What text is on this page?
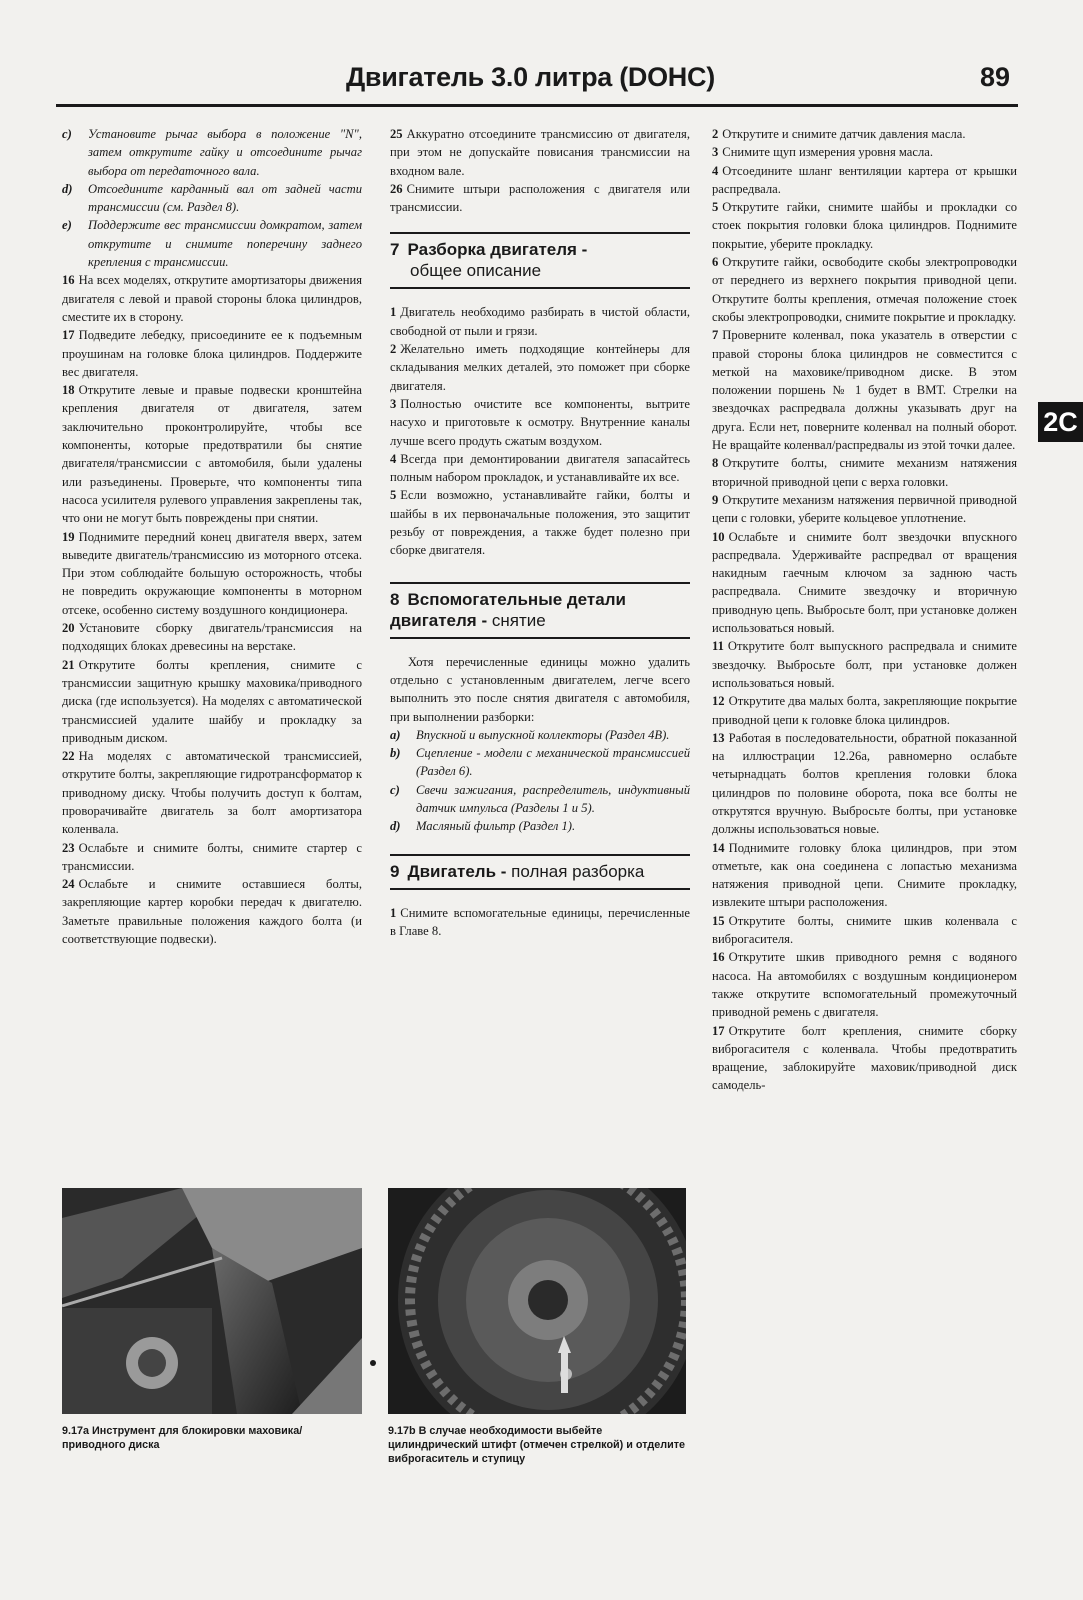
Двигатель 3.0 литра (DOHC)	89
2C
c)	Установите рычаг выбора в положение "N", затем открутите гайку и отсоедините рычаг выбора от передаточного вала.
d)	Отсоедините карданный вал от задней части трансмиссии (см. Раздел 8).
e)	Поддержите вес трансмиссии домкратом, затем открутите и снимите поперечину заднего крепления с трансмиссии.

16 На всех моделях, открутите амортизаторы движения двигателя с левой и правой стороны блока цилиндров, сместите их в сторону.

17 Подведите лебедку, присоедините ее к подъемным проушинам на головке блока цилиндров. Поддержите вес двигателя.

18 Открутите левые и правые подвески кронштейна крепления двигателя от двигателя, затем заключительно проконтролируйте, чтобы все компоненты, которые предотвратили бы снятие двигателя/трансмиссии с автомобиля, были удалены или разъединены. Проверьте, что компоненты типа насоса усилителя рулевого управления закреплены так, что они не могут быть повреждены при снятии.

19 Поднимите передний конец двигателя вверх, затем выведите двигатель/трансмиссию из моторного отсека. При этом соблюдайте большую осторожность, чтобы не повредить окружающие компоненты в моторном отсеке, особенно систему воздушного кондиционера.

20 Установите сборку двигатель/трансмиссия на подходящих блоках древесины на верстаке.

21 Открутите болты крепления, снимите с трансмиссии защитную крышку маховика/приводного диска (где используется). На моделях с автоматической трансмиссией удалите шайбу и прокладку за приводным диском.

22 На моделях с автоматической трансмиссией, открутите болты, закрепляющие гидротрансформатор к приводному диску. Чтобы получить доступ к болтам, проворачивайте двигатель за болт амортизатора коленвала.

23 Ослабьте и снимите болты, снимите стартер с трансмиссии.

24 Ослабьте и снимите оставшиеся болты, закрепляющие картер коробки передач к двигателю. Заметьте правильные положения каждого болта (и соответствующие подвески).

25 Аккуратно отсоедините трансмиссию от двигателя, при этом не допускайте повисания трансмиссии на входном вале.

26 Снимите штыри расположения с двигателя или трансмиссии.

7 Разборка двигателя -
общее описание

1 Двигатель необходимо разбирать в чистой области, свободной от пыли и грязи.

2 Желательно иметь подходящие контейнеры для складывания мелких деталей, это поможет при сборке двигателя.

3 Полностью очистите все компоненты, вытрите насухо и приготовьте к осмотру. Внутренние каналы лучше всего продуть сжатым воздухом.

4 Всегда при демонтировании двигателя запасайтесь полным набором прокладок, и устанавливайте их все.

5 Если возможно, устанавливайте гайки, болты и шайбы в их первоначальные положения, это защитит резьбу от повреждения, а также будет полезно при сборке двигателя.

8 Вспомогательные детали двигателя - снятие

Хотя перечисленные единицы можно удалить отдельно с установленным двигателем, легче всего выполнить это после снятия двигателя с автомобиля, при выполнении разборки:

a)	Впускной и выпускной коллекторы (Раздел 4В).
b)	Сцепление - модели с механической трансмиссией (Раздел 6).
c)	Свечи зажигания, распределитель, индуктивный датчик импульса (Разделы 1 и 5).
d)	Масляный фильтр (Раздел 1).
9 Двигатель - полная разборка

1 Снимите вспомогательные единицы, перечисленные в Главе 8.

2 Открутите и снимите датчик давления масла.

3 Снимите щуп измерения уровня масла.

4 Отсоедините шланг вентиляции картера от крышки распредвала.

5 Открутите гайки, снимите шайбы и прокладки со стоек покрытия головки блока цилиндров. Поднимите покрытие, уберите прокладку.

6 Открутите гайки, освободите скобы электропроводки от переднего из верхнего покрытия приводной цепи. Открутите болты крепления, отмечая положение стоек скобы электропроводки, снимите покрытие и прокладку.

7 Проверните коленвал, пока указатель в отверстии с правой стороны блока цилиндров не совместится с меткой на маховике/приводном диске. В этом положении поршень № 1 будет в ВМТ. Стрелки на звездочках распредвала должны указывать друг на друга. Если нет, поверните коленвал на полный оборот. Не вращайте коленвал/распредвалы из этой точки далее.

8 Открутите болты, снимите механизм натяжения вторичной приводной цепи с верха головки.

9 Открутите механизм натяжения первичной приводной цепи с головки, уберите кольцевое уплотнение.

10 Ослабьте и снимите болт звездочки впускного распредвала. Удерживайте распредвал от вращения накидным гаечным ключом за заднюю часть распредвала. Снимите звездочку и вторичную приводную цепь. Выбросьте болт, при установке должен использоваться новый.

11 Открутите болт выпускного распредвала и снимите звездочку. Выбросьте болт, при установке должен использоваться новый.

12 Открутите два малых болта, закрепляющие покрытие приводной цепи к головке блока цилиндров.

13 Работая в последовательности, обратной показанной на иллюстрации 12.26а, равномерно ослабьте четырнадцать болтов крепления головки блока цилиндров по половине оборота, пока все болты не открутятся вручную. Выбросьте болты, при установке должны использоваться новые.

14 Поднимите головку блока цилиндров, при этом отметьте, как она соединена с лопастью механизма натяжения приводной цепи. Снимите прокладку, извлеките штыри расположения.

15 Открутите болты, снимите шкив коленвала с виброгасителя.

16 Открутите шкив приводного ремня с водяного насоса. На автомобилях с воздушным кондиционером также открутите вспомогательный промежуточный приводной ремень с двигателя.

17 Открутите болт крепления, снимите сборку виброгасителя с коленвала. Чтобы предотвратить вращение, заблокируйте маховик/приводной диск самодель-

9.17a Инструмент для блокировки маховика/приводного диска
9.17b В случае необходимости выбейте цилиндрический штифт (отмечен стрелкой) и отделите виброгаситель и ступицу
